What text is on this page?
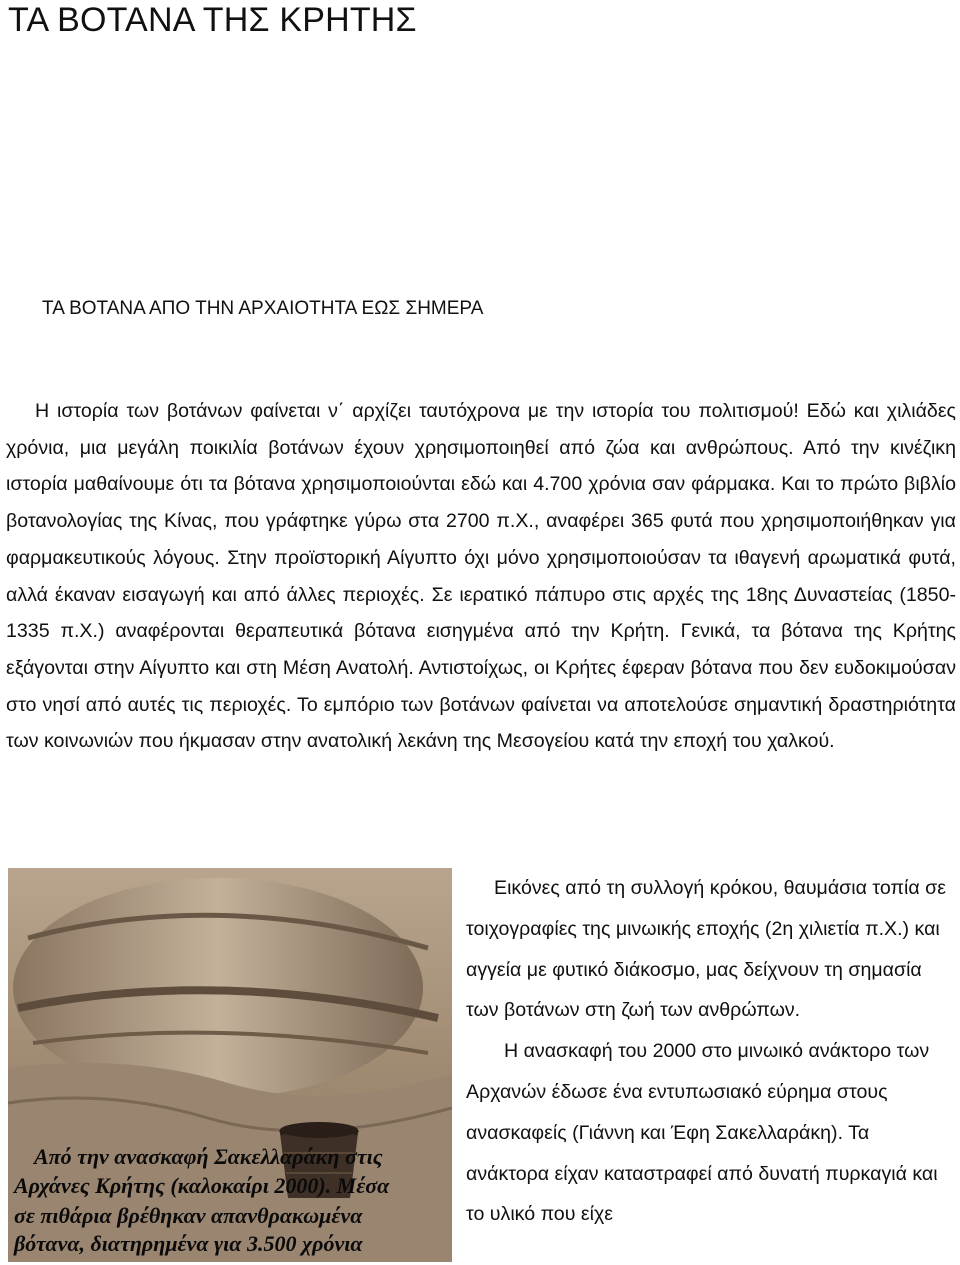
ΤΑ ΒΟΤΑΝΑ ΤΗΣ ΚΡΗΤΗΣ
ΤΑ ΒΟΤΑΝΑ ΑΠΟ ΤΗΝ ΑΡΧΑΙΟΤΗΤΑ ΕΩΣ ΣΗΜΕΡΑ

Η ιστορία των βοτάνων φαίνεται ν΄ αρχίζει ταυτόχρονα με την ιστορία του πολιτισμού! Εδώ και χιλιάδες χρόνια, μια μεγάλη ποικιλία βοτάνων έχουν χρησιμοποιηθεί από ζώα και ανθρώπους. Από την κινέζικη ιστορία μαθαίνουμε ότι τα βότανα χρησιμοποιούνται εδώ και 4.700 χρόνια σαν φάρμακα. Και το πρώτο βιβλίο βοτανολογίας της Κίνας, που γράφτηκε γύρω στα 2700 π.Χ., αναφέρει 365 φυτά που χρησιμοποιήθηκαν για φαρμακευτικούς λόγους. Στην προϊστορική Αίγυπτο όχι μόνο χρησιμοποιούσαν τα ιθαγενή αρωματικά φυτά, αλλά έκαναν εισαγωγή και από άλλες περιοχές. Σε ιερατικό πάπυρο στις αρχές της 18ης Δυναστείας (1850-1335 π.Χ.) αναφέρονται θεραπευτικά βότανα εισηγμένα από την Κρήτη. Γενικά, τα βότανα της Κρήτης εξάγονται στην Αίγυπτο και στη Μέση Ανατολή. Αντιστοίχως, οι Κρήτες έφεραν βότανα που δεν ευδοκιμούσαν στο νησί από αυτές τις περιοχές. Το εμπόριο των βοτάνων φαίνεται να αποτελούσε σημαντική δραστηριότητα των κοινωνιών που ήκμασαν στην ανατολική λεκάνη της Μεσογείου κατά την εποχή του χαλκού.

Από την ανασκαφή Σακελλαράκη στις
Αρχάνες Κρήτης (καλοκαίρι 2000). Μέσα
σε πιθάρια βρέθηκαν απανθρακωμένα
βότανα, διατηρημένα για 3.500 χρόνια

Εικόνες από τη συλλογή κρόκου, θαυμάσια τοπία σε τοιχογραφίες της μινωικής εποχής (2η χιλιετία π.Χ.) και αγγεία με φυτικό διάκοσμο, μας δείχνουν τη σημασία των βοτάνων στη ζωή των ανθρώπων.
Η ανασκαφή του 2000 στο μινωικό ανάκτορο των Αρχανών έδωσε ένα εντυπωσιακό εύρημα στους ανασκαφείς (Γιάννη και Έφη Σακελλαράκη). Τα ανάκτορα είχαν καταστραφεί από δυνατή πυρκαγιά και το υλικό που είχε
